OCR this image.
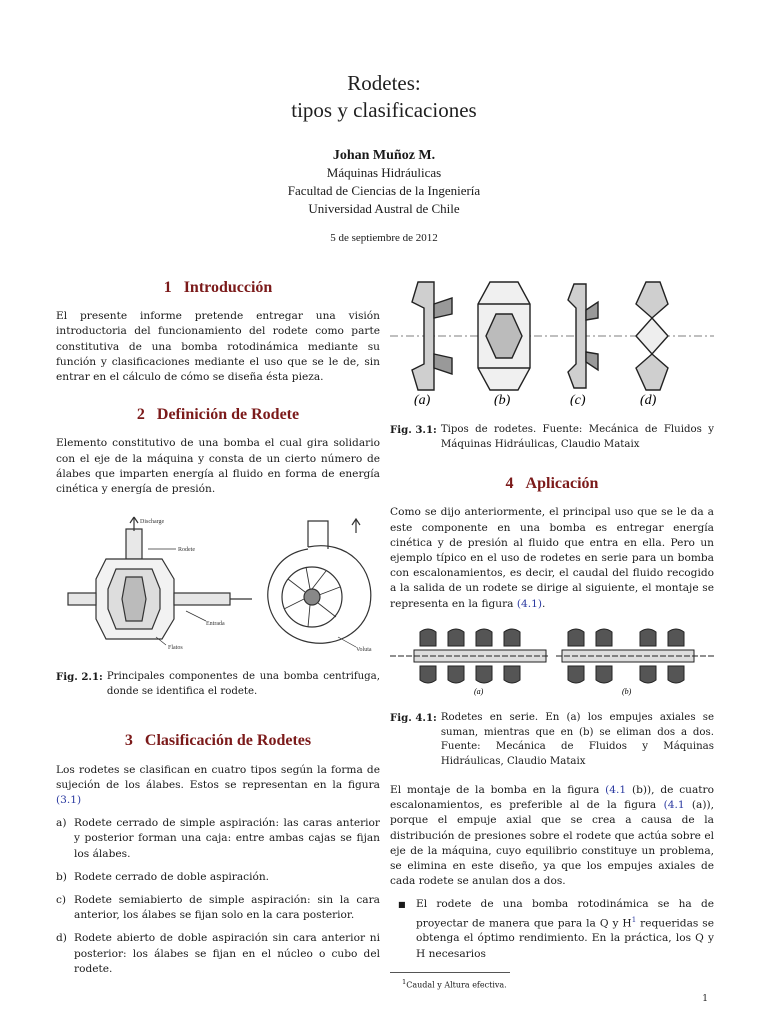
Rodetes:
tipos y clasificaciones
Johan Muñoz M.
Máquinas Hidráulicas
Facultad de Ciencias de la Ingeniería
Universidad Austral de Chile
5 de septiembre de 2012
1 Introducción

El presente informe pretende entregar una visión introductoria del funcionamiento del rodete como parte constitutiva de una bomba rotodinámica mediante su función y clasificaciones mediante el uso que se le de, sin entrar en el cálculo de cómo se diseña ésta pieza.

2 Definición de Rodete

Elemento constitutivo de una bomba el cual gira solidario con el eje de la máquina y consta de un cierto número de álabes que imparten energía al fluido en forma de energía cinética y energía de presión.

Discharge
Rodete
Entrada
Flatos	Voluta
Fig. 2.1: Principales componentes de una bomba centrifuga, donde se identifica el rodete.
3 Clasificación de Rodetes

Los rodetes se clasifican en cuatro tipos según la forma de sujeción de los álabes. Estos se representan en la figura (3.1)

a) Rodete cerrado de simple aspiración: las caras anterior y posterior forman una caja: entre ambas cajas se fijan los álabes.
b) Rodete cerrado de doble aspiración.
c) Rodete semiabierto de simple aspiración: sin la cara anterior, los álabes se fijan solo en la cara posterior.
d) Rodete abierto de doble aspiración sin cara anterior ni posterior: los álabes se fijan en el núcleo o cubo del rodete.
(a)	(b)	(c)	(d)
Fig. 3.1: Tipos de rodetes. Fuente: Mecánica de Fluidos y Máquinas Hidráulicas, Claudio Mataix
4 Aplicación

Como se dijo anteriormente, el principal uso que se le da a este componente en una bomba es entregar energía cinética y de presión al fluido que entra en ella. Pero un ejemplo típico en el uso de rodetes en serie para un bomba con escalonamientos, es decir, el caudal del fluido recogido a la salida de un rodete se dirige al siguiente, el montaje se representa en la figura (4.1).

(a)	(b)
Fig. 4.1: Rodetes en serie. En (a) los empujes axiales se suman, mientras que en (b) se eliman dos a dos. Fuente: Mecánica de Fluidos y Máquinas Hidráulicas, Claudio Mataix

El montaje de la bomba en la figura (4.1 (b)), de cuatro escalonamientos, es preferible al de la figura (4.1 (a)), porque el empuje axial que se crea a causa de la distribución de presiones sobre el rodete que actúa sobre el eje de la máquina, cuyo equilibrio constituye un problema, se elimina en este diseño, ya que los empujes axiales de cada rodete se anulan dos a dos.

■ El rodete de una bomba rotodinámica se ha de proyectar de manera que para la Q y H$^1$ requeridas se obtenga el óptimo rendimiento. En la práctica, los Q y H necesarios
$^1$Caudal y Altura efectiva.
1
